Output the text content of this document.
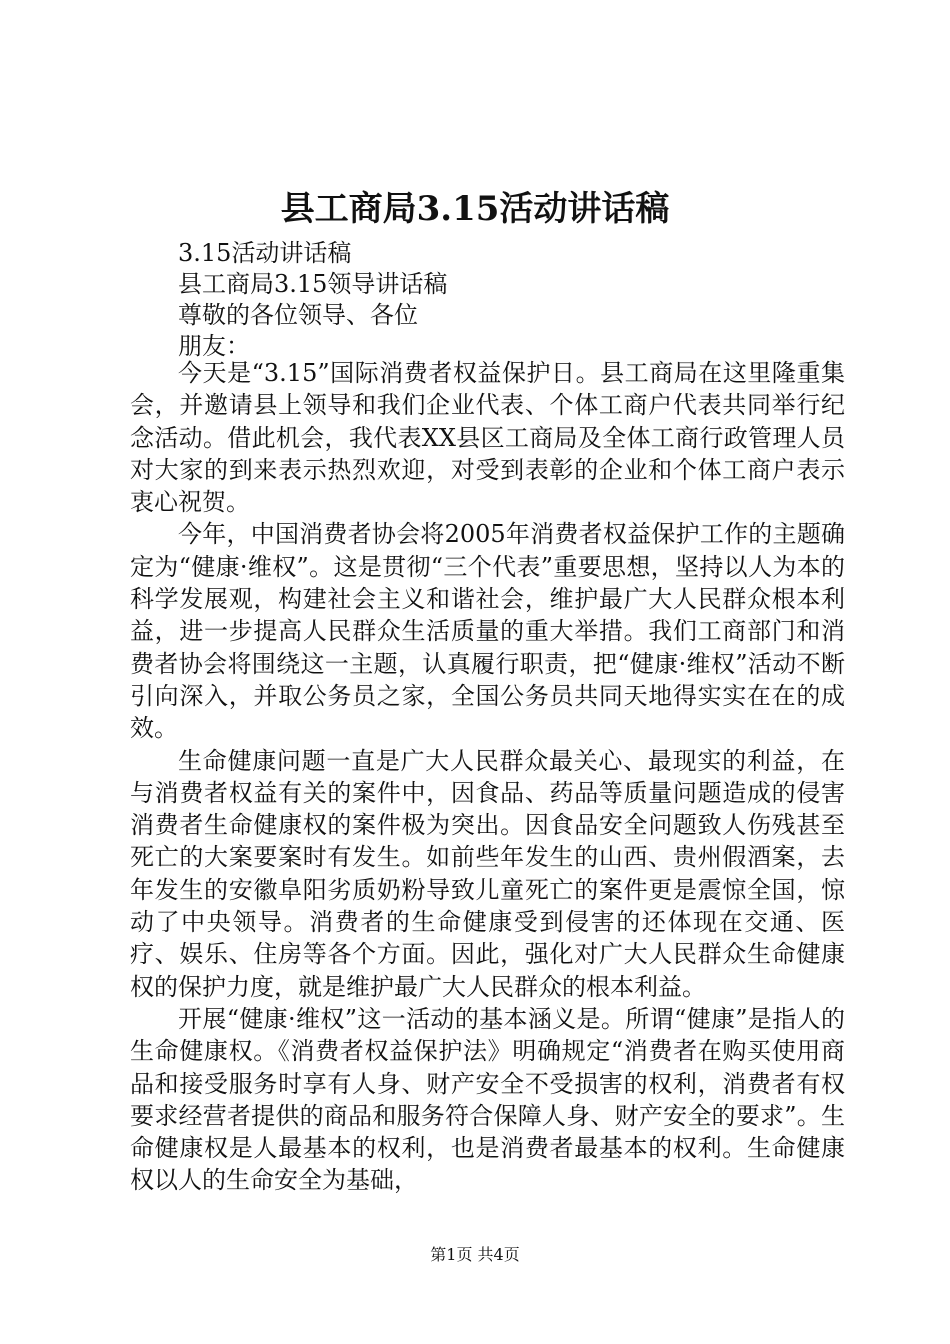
县工商局3.15活动讲话稿

3.15活动讲话稿

县工商局3.15领导讲话稿

尊敬的各位领导、各位

朋友：

今天是“3.15”国际消费者权益保护日。县工商局在这里隆重集会，并邀请县上领导和我们企业代表、个体工商户代表共同举行纪念活动。借此机会，我代表XX县区工商局及全体工商行政管理人员对大家的到来表示热烈欢迎，对受到表彰的企业和个体工商户表示衷心祝贺。

今年，中国消费者协会将2005年消费者权益保护工作的主题确定为“健康·维权”。这是贯彻“三个代表”重要思想，坚持以人为本的科学发展观，构建社会主义和谐社会，维护最广大人民群众根本利益，进一步提高人民群众生活质量的重大举措。我们工商部门和消费者协会将围绕这一主题，认真履行职责，把“健康·维权”活动不断引向深入，并取公务员之家，全国公务员共同天地得实实在在的成效。

生命健康问题一直是广大人民群众最关心、最现实的利益，在与消费者权益有关的案件中，因食品、药品等质量问题造成的侵害消费者生命健康权的案件极为突出。因食品安全问题致人伤残甚至死亡的大案要案时有发生。如前些年发生的山西、贵州假酒案，去年发生的安徽阜阳劣质奶粉导致儿童死亡的案件更是震惊全国，惊动了中央领导。消费者的生命健康受到侵害的还体现在交通、医疗、娱乐、住房等各个方面。因此，强化对广大人民群众生命健康权的保护力度，就是维护最广大人民群众的根本利益。

开展“健康·维权”这一活动的基本涵义是。所谓“健康”是指人的生命健康权。《消费者权益保护法》明确规定“消费者在购买使用商品和接受服务时享有人身、财产安全不受损害的权利，消费者有权要求经营者提供的商品和服务符合保障人身、财产安全的要求”。生命健康权是人最基本的权利，也是消费者最基本的权利。生命健康权以人的生命安全为基础，

第1页 共4页
